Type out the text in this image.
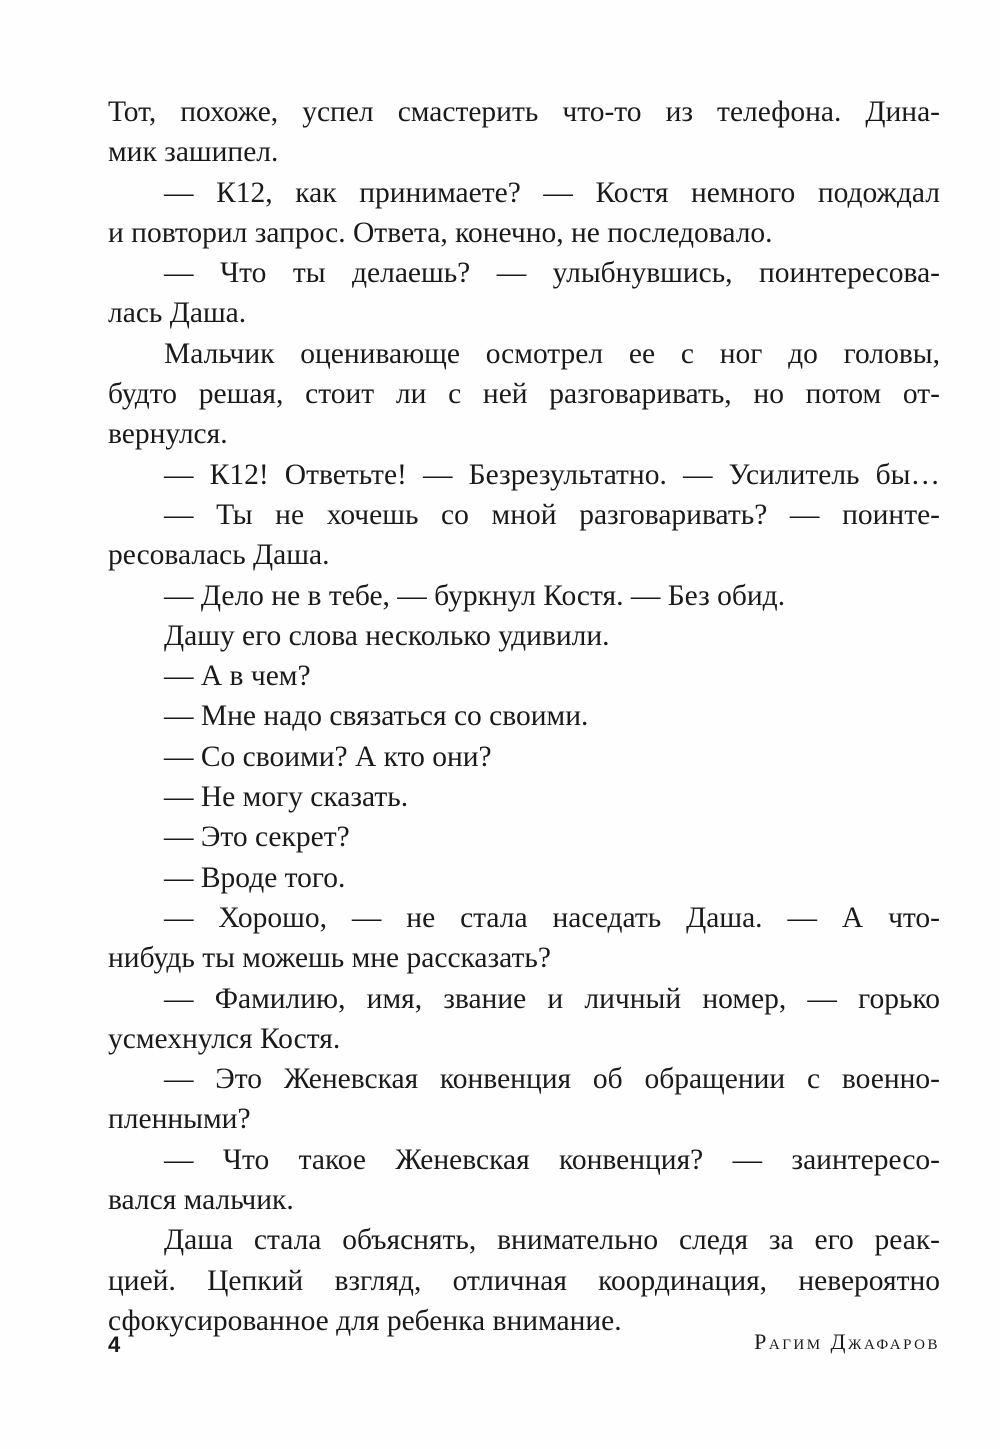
Тот, похоже, успел смастерить что-то из телефона. Дина-
мик зашипел.
— К12, как принимаете? — Костя немного подождал
и повторил запрос. Ответа, конечно, не последовало.
— Что ты делаешь? — улыбнувшись, поинтересова-
лась Даша.
Мальчик оценивающе осмотрел ее с ног до головы,
будто решая, стоит ли с ней разговаривать, но потом от-
вернулся.
— К12! Ответьте! — Безрезультатно. — Усилитель бы…
— Ты не хочешь со мной разговаривать? — поинте-
ресовалась Даша.
— Дело не в тебе, — буркнул Костя. — Без обид.
Дашу его слова несколько удивили.
— А в чем?
— Мне надо связаться со своими.
— Со своими? А кто они?
— Не могу сказать.
— Это секрет?
— Вроде того.
— Хорошо, — не стала наседать Даша. — А что-
нибудь ты можешь мне рассказать?
— Фамилию, имя, звание и личный номер, — горько
усмехнулся Костя.
— Это Женевская конвенция об обращении с военно-
пленными?
— Что такое Женевская конвенция? — заинтересо-
вался мальчик.
Даша стала объяснять, внимательно следя за его реак-
цией. Цепкий взгляд, отличная координация, невероятно
сфокусированное для ребенка внимание.
4	Рагим Джафаров
